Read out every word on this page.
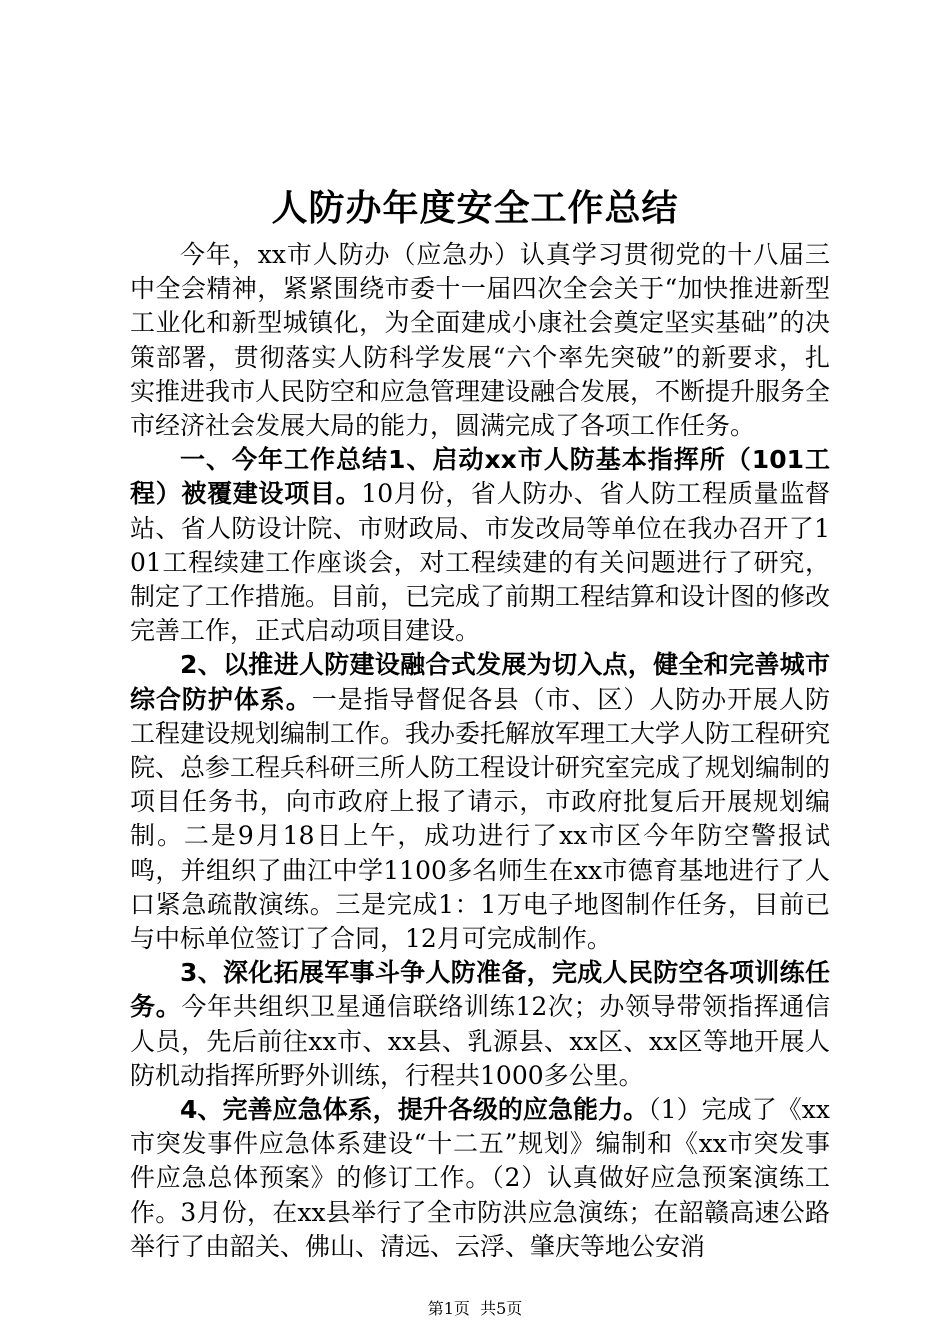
人防办年度安全工作总结

今年，xx市人防办（应急办）认真学习贯彻党的十八届三中全会精神，紧紧围绕市委十一届四次全会关于“加快推进新型工业化和新型城镇化，为全面建成小康社会奠定坚实基础”的决策部署，贯彻落实人防科学发展“六个率先突破”的新要求，扎实推进我市人民防空和应急管理建设融合发展，不断提升服务全市经济社会发展大局的能力，圆满完成了各项工作任务。

一、今年工作总结1、启动xx市人防基本指挥所（101工程）被覆建设项目。10月份，省人防办、省人防工程质量监督站、省人防设计院、市财政局、市发改局等单位在我办召开了101工程续建工作座谈会，对工程续建的有关问题进行了研究，制定了工作措施。目前，已完成了前期工程结算和设计图的修改完善工作，正式启动项目建设。

2、以推进人防建设融合式发展为切入点，健全和完善城市综合防护体系。一是指导督促各县（市、区）人防办开展人防工程建设规划编制工作。我办委托解放军理工大学人防工程研究院、总参工程兵科研三所人防工程设计研究室完成了规划编制的项目任务书，向市政府上报了请示，市政府批复后开展规划编制。二是9月18日上午，成功进行了xx市区今年防空警报试鸣，并组织了曲江中学1100多名师生在xx市德育基地进行了人口紧急疏散演练。三是完成1：1万电子地图制作任务，目前已与中标单位签订了合同，12月可完成制作。

3、深化拓展军事斗争人防准备，完成人民防空各项训练任务。今年共组织卫星通信联络训练12次；办领导带领指挥通信人员，先后前往xx市、xx县、乳源县、xx区、xx区等地开展人防机动指挥所野外训练，行程共1000多公里。

4、完善应急体系，提升各级的应急能力。（1）完成了《xx市突发事件应急体系建设“十二五”规划》编制和《xx市突发事件应急总体预案》的修订工作。（2）认真做好应急预案演练工作。3月份，在xx县举行了全市防洪应急演练；在韶赣高速公路举行了由韶关、佛山、清远、云浮、肇庆等地公安消

第1页  共5页
